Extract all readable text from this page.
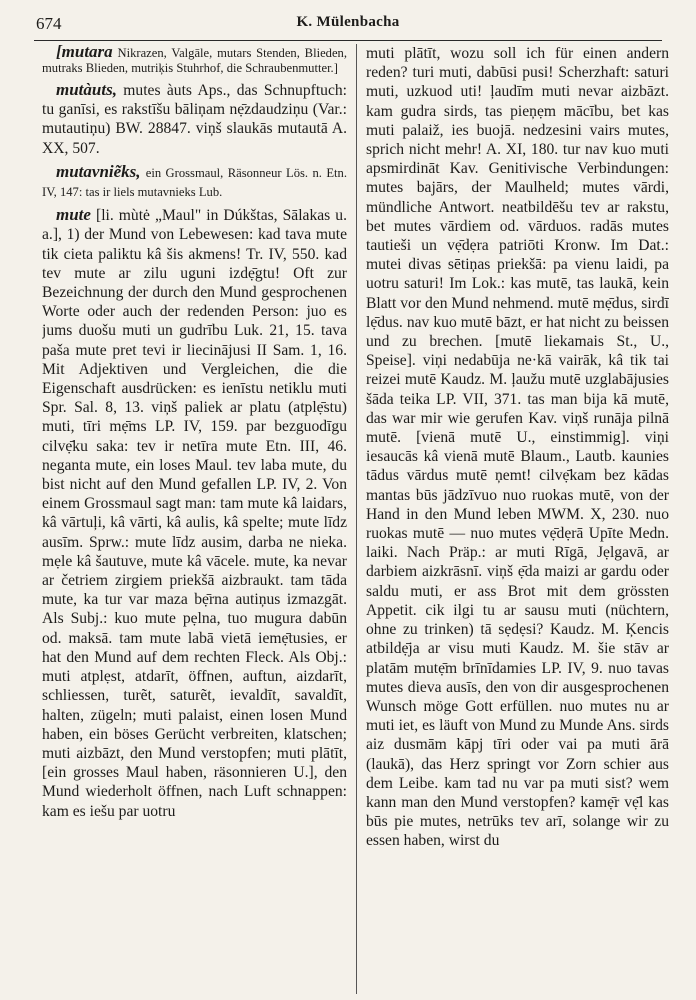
674	K. Mülenbacha

[mutara Nikrazen, Valgāle, mutars Stenden, Blieden, mutraks Blieden, mutriķis Stuhrhof, die Schraubenmutter.]

mutàuts, mutes àuts Aps., das Schnupftuch: tu ganīsi, es rakstīšu bāliņam nẹ̄zdaudziņu (Var.: mutautiņu) BW. 28847. viņš slaukās mutautā A. XX, 507.

mutavniẽks, ein Grossmaul, Räsonneur Lös. n. Etn. IV, 147: tas ir liels mutavnieks Lub.

mute [li. mùtė „Maul" in Dúkštas, Sālakas u. a.], 1) der Mund von Lebewesen: kad tava mute tik cieta paliktu kâ šis akmens! Tr. IV, 550. kad tev mute ar zilu uguni izdẹ̄gtu! Oft zur Bezeichnung der durch den Mund gesprochenen Worte oder auch der redenden Person: juo es jums duošu muti un gudrību Luk. 21, 15. tava paša mute pret tevi ir liecinājusi II Sam. 1, 16. Mit Adjektiven und Vergleichen, die die Eigenschaft ausdrücken: es ienīstu netiklu muti Spr. Sal. 8, 13. viņš paliek ar platu (atplẹ̄stu) muti, tīri mẹ̄ms LP. IV, 159. par bezguodīgu cilvẹ̄ku saka: tev ir netīra mute Etn. III, 46. neganta mute, ein loses Maul. tev laba mute, du bist nicht auf den Mund gefallen LP. IV, 2. Von einem Grossmaul sagt man: tam mute kâ laidars, kâ vārtuļi, kâ vārti, kâ aulis, kâ spelte; mute līdz ausīm. Sprw.: mute līdz ausim, darba ne nieka. mẹle kâ šautuve, mute kâ vācele. mute, ka nevar ar četriem zirgiem priekšā aizbraukt. tam tāda mute, ka tur var maza bẹ̄rna autiņus izmazgāt. Als Subj.: kuo mute pẹlna, tuo mugura dabūn od. maksā. tam mute labā vietā iemẹ̄tusies, er hat den Mund auf dem rechten Fleck. Als Obj.: muti atplẹst, atdarīt, öffnen, auftun, aizdarīt, schliessen, turẽt, saturẽt, ievaldīt, savaldīt, halten, zügeln; muti palaist, einen losen Mund haben, ein böses Gerücht verbreiten, klatschen; muti aizbāzt, den Mund verstopfen; muti plātīt, [ein grosses Maul haben, räsonnieren U.], den Mund wiederholt öffnen, nach Luft schnappen: kam es iešu par uotru

muti plātīt, wozu soll ich für einen andern reden? turi muti, dabūsi pusi! Scherzhaft: saturi muti, uzkuod uti! ļaudīm muti nevar aizbāzt. kam gudra sirds, tas pieņẹm mācību, bet kas muti palaiž, ies buojā. nedzesini vairs mutes, sprich nicht mehr! A. XI, 180. tur nav kuo muti apsmirdināt Kav. Genitivische Verbindungen: mutes bajārs, der Maulheld; mutes vārdi, mündliche Antwort. neatbildēšu tev ar rakstu, bet mutes vārdiem od. vārduos. radās mutes tautieši un vẹ̄dẹra patriōti Kronw. Im Dat.: mutei divas sētiņas priekšā: pa vienu laidi, pa uotru saturi! Im Lok.: kas mutē, tas laukā, kein Blatt vor den Mund nehmend. mutē mẹ̄dus, sirdī lẹ̄dus. nav kuo mutē bāzt, er hat nicht zu beissen und zu brechen. [mutē liekamais St., U., Speise]. viņi nedabūja ne·kā vairāk, kâ tik tai reizei mutē Kaudz. M. ļaužu mutē uzglabājusies šāda teika LP. VII, 371. tas man bija kā mutē, das war mir wie gerufen Kav. viņš runāja pilnā mutē. [vienā mutē U., einstimmig]. viņi iesaucās kâ vienā mutē Blaum., Lautb. kaunies tādus vārdus mutē ņemt! cilvẹ̄kam bez kādas mantas būs jādzīvuo nuo ruokas mutē, von der Hand in den Mund leben MWM. X, 230. nuo ruokas mutē — nuo mutes vẹ̄dẹrā Upīte Medn. laiki. Nach Präp.: ar muti Rīgā, Jẹlgavā, ar darbiem aizkrāsnī. viņš ẹ̄da maizi ar gardu oder saldu muti, er ass Brot mit dem grössten Appetit. cik ilgi tu ar sausu muti (nüchtern, ohne zu trinken) tā sẹdẹsi? Kaudz. M. Ķencis atbildẹ̄ja ar visu muti Kaudz. M. šie stāv ar platām mutẹ̄m brīnīdamies LP. IV, 9. nuo tavas mutes dieva ausīs, den von dir ausgesprochenen Wunsch möge Gott erfüllen. nuo mutes nu ar muti iet, es läuft von Mund zu Munde Ans. sirds aiz dusmām kāpj tīri oder vai pa muti ārā (laukā), das Herz springt vor Zorn schier aus dem Leibe. kam tad nu var pa muti sist? wem kann man den Mund verstopfen? kamẹ̄r vẹ̄l kas būs pie mutes, netrūks tev arī, solange wir zu essen haben, wirst du
